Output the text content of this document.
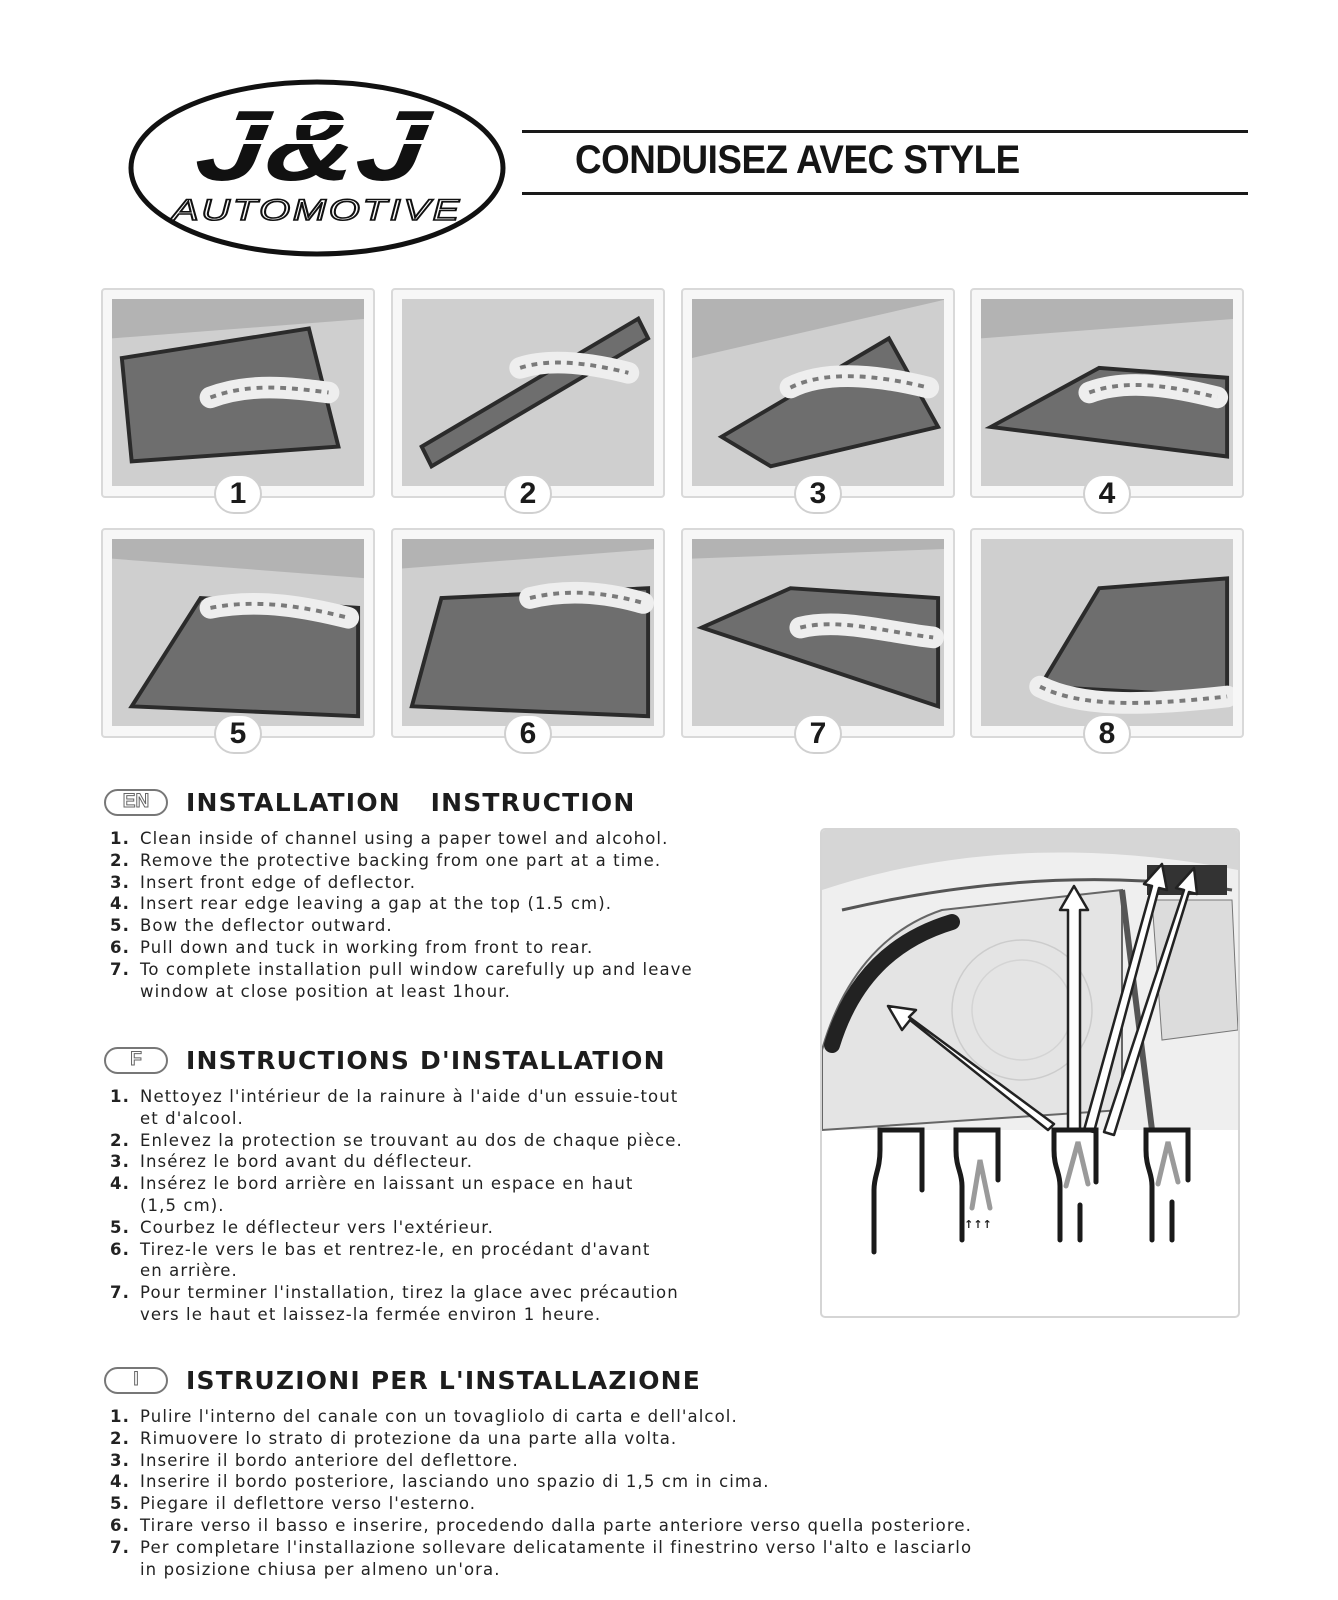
J&J
AUTOMOTIVE
CONDUISEZ AVEC STYLE
1	2	3	4
5	6	7	8
EN	INSTALLATION   INSTRUCTION
1. Clean inside of channel using a paper towel and alcohol.
2. Remove the protective backing from one part at a time.
3. Insert front edge of deflector.
4. Insert rear edge leaving a gap at the top (1.5 cm).
5. Bow the deflector outward.
6. Pull down and tuck in working from front to rear.
7. To complete installation pull window carefully up and leave
window at close position at least 1hour.
F	INSTRUCTIONS D'INSTALLATION
1. Nettoyez l'intérieur de la rainure à l'aide d'un essuie-tout
et d'alcool.
2. Enlevez la protection se trouvant au dos de chaque pièce.
3. Insérez le bord avant du déflecteur.
4. Insérez le bord arrière en laissant un espace en haut
(1,5 cm).
5. Courbez le déflecteur vers l'extérieur.
6. Tirez-le vers le bas et rentrez-le, en procédant d'avant
en arrière.
7. Pour terminer l'installation, tirez la glace avec précaution
vers le haut et laissez-la fermée environ 1 heure.
I	ISTRUZIONI PER L'INSTALLAZIONE
1. Pulire l'interno del canale con un tovagliolo di carta e dell'alcol.
2. Rimuovere lo strato di protezione da una parte alla volta.
3. Inserire il bordo anteriore del deflettore.
4. Inserire il bordo posteriore, lasciando uno spazio di 1,5 cm in cima.
5. Piegare il deflettore verso l'esterno.
6. Tirare verso il basso e inserire, procedendo dalla parte anteriore verso quella posteriore.
7. Per completare l'installazione sollevare delicatamente il finestrino verso l'alto e lasciarlo
in posizione chiusa per almeno un'ora.
↑↑↑
